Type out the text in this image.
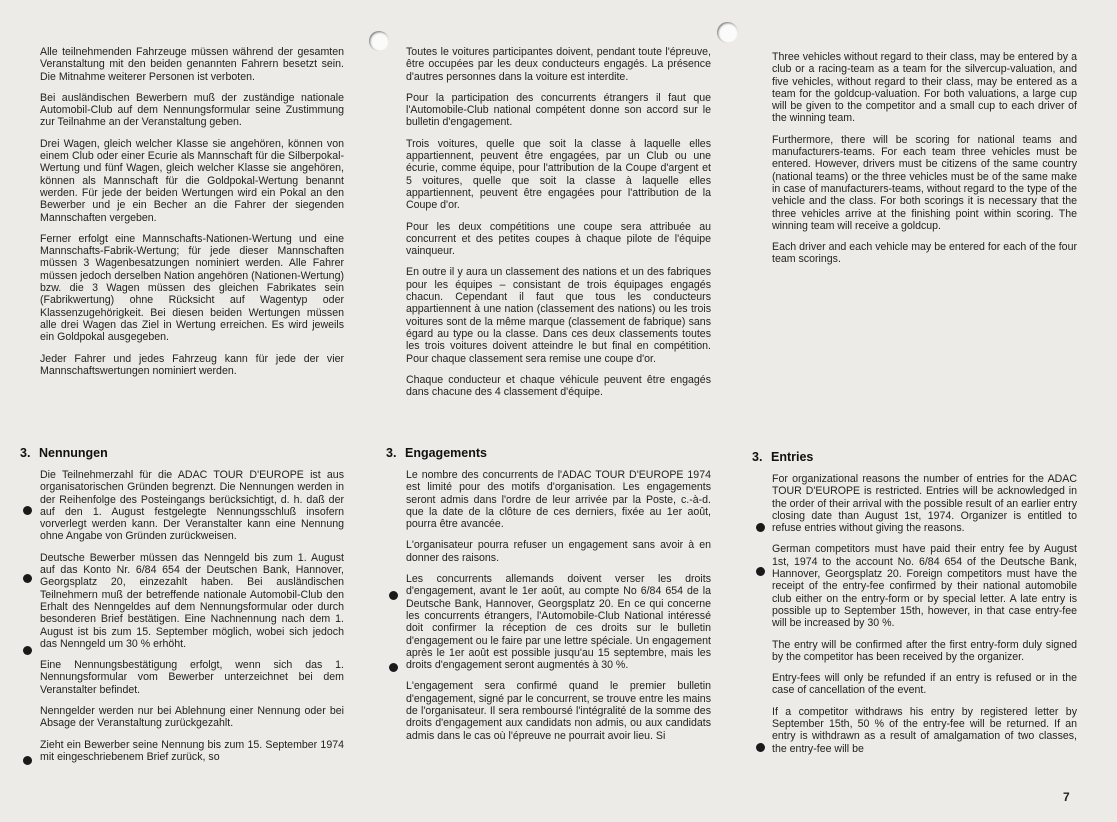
Alle teilnehmenden Fahrzeuge müssen während der gesamten Veranstaltung mit den beiden genannten Fahrern besetzt sein. Die Mitnahme weiterer Personen ist verboten.

Bei ausländischen Bewerbern muß der zuständige nationale Automobil-Club auf dem Nennungsformular seine Zustimmung zur Teilnahme an der Veranstaltung geben.

Drei Wagen, gleich welcher Klasse sie angehören, können von einem Club oder einer Ecurie als Mannschaft für die Silberpokal-Wertung und fünf Wagen, gleich welcher Klasse sie angehören, können als Mannschaft für die Goldpokal-Wertung benannt werden. Für jede der beiden Wertungen wird ein Pokal an den Bewerber und je ein Becher an die Fahrer der siegenden Mannschaften vergeben.

Ferner erfolgt eine Mannschafts-Nationen-Wertung und eine Mannschafts-Fabrik-Wertung; für jede dieser Mannschaften müssen 3 Wagenbesatzungen nominiert werden. Alle Fahrer müssen jedoch derselben Nation angehören (Nationen-Wertung) bzw. die 3 Wagen müssen des gleichen Fabrikates sein (Fabrikwertung) ohne Rücksicht auf Wagentyp oder Klassenzugehörigkeit. Bei diesen beiden Wertungen müssen alle drei Wagen das Ziel in Wertung erreichen. Es wird jeweils ein Goldpokal ausgegeben.

Jeder Fahrer und jedes Fahrzeug kann für jede der vier Mannschaftswertungen nominiert werden.

Toutes le voitures participantes doivent, pendant toute l'épreuve, être occupées par les deux conducteurs engagés. La présence d'autres personnes dans la voiture est interdite.

Pour la participation des concurrents étrangers il faut que l'Automobile-Club national compétent donne son accord sur le bulletin d'engagement.

Trois voitures, quelle que soit la classe à laquelle elles appartiennent, peuvent être engagées, par un Club ou une écurie, comme équipe, pour l'attribution de la Coupe d'argent et 5 voitures, quelle que soit la classe à laquelle elles appartiennent, peuvent être engagées pour l'attribution de la Coupe d'or.

Pour les deux compétitions une coupe sera attribuée au concurrent et des petites coupes à chaque pilote de l'équipe vainqueur.

En outre il y aura un classement des nations et un des fabriques pour les équipes – consistant de trois équipages engagés chacun. Cependant il faut que tous les conducteurs appartiennent à une nation (classement des nations) ou les trois voitures sont de la même marque (classement de fabrique) sans égard au type ou la classe. Dans ces deux classements toutes les trois voitures doivent atteindre le but final en compétition. Pour chaque classement sera remise une coupe d'or.

Chaque conducteur et chaque véhicule peuvent être engagés dans chacune des 4 classement d'équipe.

Three vehicles without regard to their class, may be entered by a club or a racing-team as a team for the silvercup-valuation, and five vehicles, without regard to their class, may be entered as a team for the goldcup-valuation. For both valuations, a large cup will be given to the competitor and a small cup to each driver of the winning team.

Furthermore, there will be scoring for national teams and manufacturers-teams. For each team three vehicles must be entered. However, drivers must be citizens of the same country (national teams) or the three vehicles must be of the same make in case of manufacturers-teams, without regard to the type of the vehicle and the class. For both scorings it is necessary that the three vehicles arrive at the finishing point within scoring. The winning team will receive a goldcup.

Each driver and each vehicle may be entered for each of the four team scorings.

3. Nennungen	3. Engagements	3. Entries

Die Teilnehmerzahl für die ADAC TOUR D'EUROPE ist aus organisatorischen Gründen begrenzt. Die Nennungen werden in der Reihenfolge des Posteingangs berücksichtigt, d. h. daß der auf den 1. August festgelegte Nennungsschluß insofern vorverlegt werden kann. Der Veranstalter kann eine Nennung ohne Angabe von Gründen zurückweisen.

Deutsche Bewerber müssen das Nenngeld bis zum 1. August auf das Konto Nr. 6/84 654 der Deutschen Bank, Hannover, Georgsplatz 20, einzezahlt haben. Bei ausländischen Teilnehmern muß der betreffende nationale Automobil-Club den Erhalt des Nenngeldes auf dem Nennungsformular oder durch besonderen Brief bestätigen. Eine Nachnennung nach dem 1. August ist bis zum 15. September möglich, wobei sich jedoch das Nenngeld um 30 % erhöht.

Eine Nennungsbestätigung erfolgt, wenn sich das 1. Nennungsformular vom Bewerber unterzeichnet bei dem Veranstalter befindet.

Nenngelder werden nur bei Ablehnung einer Nennung oder bei Absage der Veranstaltung zurückgezahlt.

Zieht ein Bewerber seine Nennung bis zum 15. September 1974 mit eingeschriebenem Brief zurück, so

Le nombre des concurrents de l'ADAC TOUR D'EUROPE 1974 est limité pour des motifs d'organisation. Les engagements seront admis dans l'ordre de leur arrivée par la Poste, c.-à-d. que la date de la clôture de ces derniers, fixée au 1er août, pourra être avancée.

L'organisateur pourra refuser un engagement sans avoir à en donner des raisons.

Les concurrents allemands doivent verser les droits d'engagement, avant le 1er août, au compte No 6/84 654 de la Deutsche Bank, Hannover, Georgsplatz 20. En ce qui concerne les concurrents étrangers, l'Automobile-Club National intéressé doit confirmer la réception de ces droits sur le bulletin d'engagement ou le faire par une lettre spéciale. Un engagement après le 1er août est possible jusqu'au 15 septembre, mais les droits d'engagement seront augmentés à 30 %.

L'engagement sera confirmé quand le premier bulletin d'engagement, signé par le concurrent, se trouve entre les mains de l'organisateur. Il sera remboursé l'intégralité de la somme des droits d'engagement aux candidats non admis, ou aux candidats admis dans le cas où l'épreuve ne pourrait avoir lieu. Si

For organizational reasons the number of entries for the ADAC TOUR D'EUROPE is restricted. Entries will be acknowledged in the order of their arrival with the possible result of an earlier entry closing date than August 1st, 1974. Organizer is entitled to refuse entries without giving the reasons.

German competitors must have paid their entry fee by August 1st, 1974 to the account No. 6/84 654 of the Deutsche Bank, Hannover, Georgsplatz 20. Foreign competitors must have the receipt of the entry-fee confirmed by their national automobile club either on the entry-form or by special letter. A late entry is possible up to September 15th, however, in that case entry-fee will be increased by 30 %.

The entry will be confirmed after the first entry-form duly signed by the competitor has been received by the organizer.

Entry-fees will only be refunded if an entry is refused or in the case of cancellation of the event.

If a competitor withdraws his entry by registered letter by September 15th, 50 % of the entry-fee will be returned. If an entry is withdrawn as a result of amalgamation of two classes, the entry-fee will be

7
